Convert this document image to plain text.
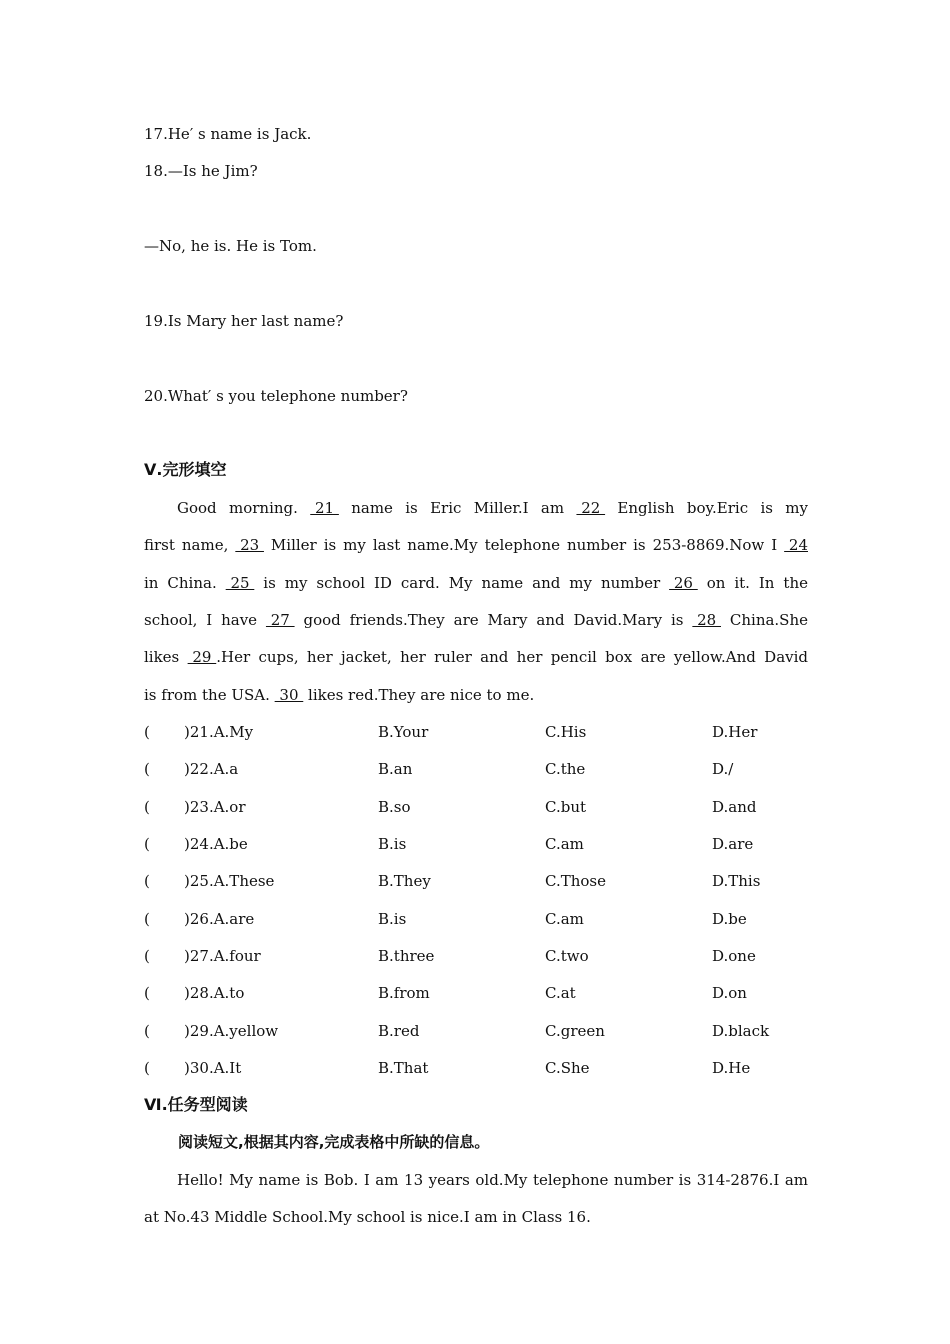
17.He′ s name is Jack.
18.—Is he Jim?
—No, he is. He is Tom.
19.Is Mary her last name?
20.What′ s you telephone number?
Ⅴ.完形填空
Good morning.  21  name is Eric Miller.I am  22  English boy.Eric is my
first name,  23  Miller is my last name.My telephone number is 253-8869.Now I  24
in China.  25  is my school ID card. My name and my number  26  on it. In the
school, I have  27  good friends.They are Mary and David.Mary is  28  China.She
likes  29 .Her cups, her jacket, her ruler and her pencil box are yellow.And David
is from the USA.  30  likes red.They are nice to me.
( )21.A.My	B.Your	C.His	D.Her
( )22.A.a	B.an	C.the	D./
( )23.A.or	B.so	C.but	D.and
( )24.A.be	B.is	C.am	D.are
( )25.A.These	B.They	C.Those	D.This
( )26.A.are	B.is	C.am	D.be
( )27.A.four	B.three	C.two	D.one
( )28.A.to	B.from	C.at	D.on
( )29.A.yellow	B.red	C.green	D.black
( )30.A.It	B.That	C.She	D.He
Ⅵ.任务型阅读
阅读短文,根据其内容,完成表格中所缺的信息。
Hello! My name is Bob. I am 13 years old.My telephone number is 314-2876.I am
at No.43 Middle School.My school is nice.I am in Class 16.
